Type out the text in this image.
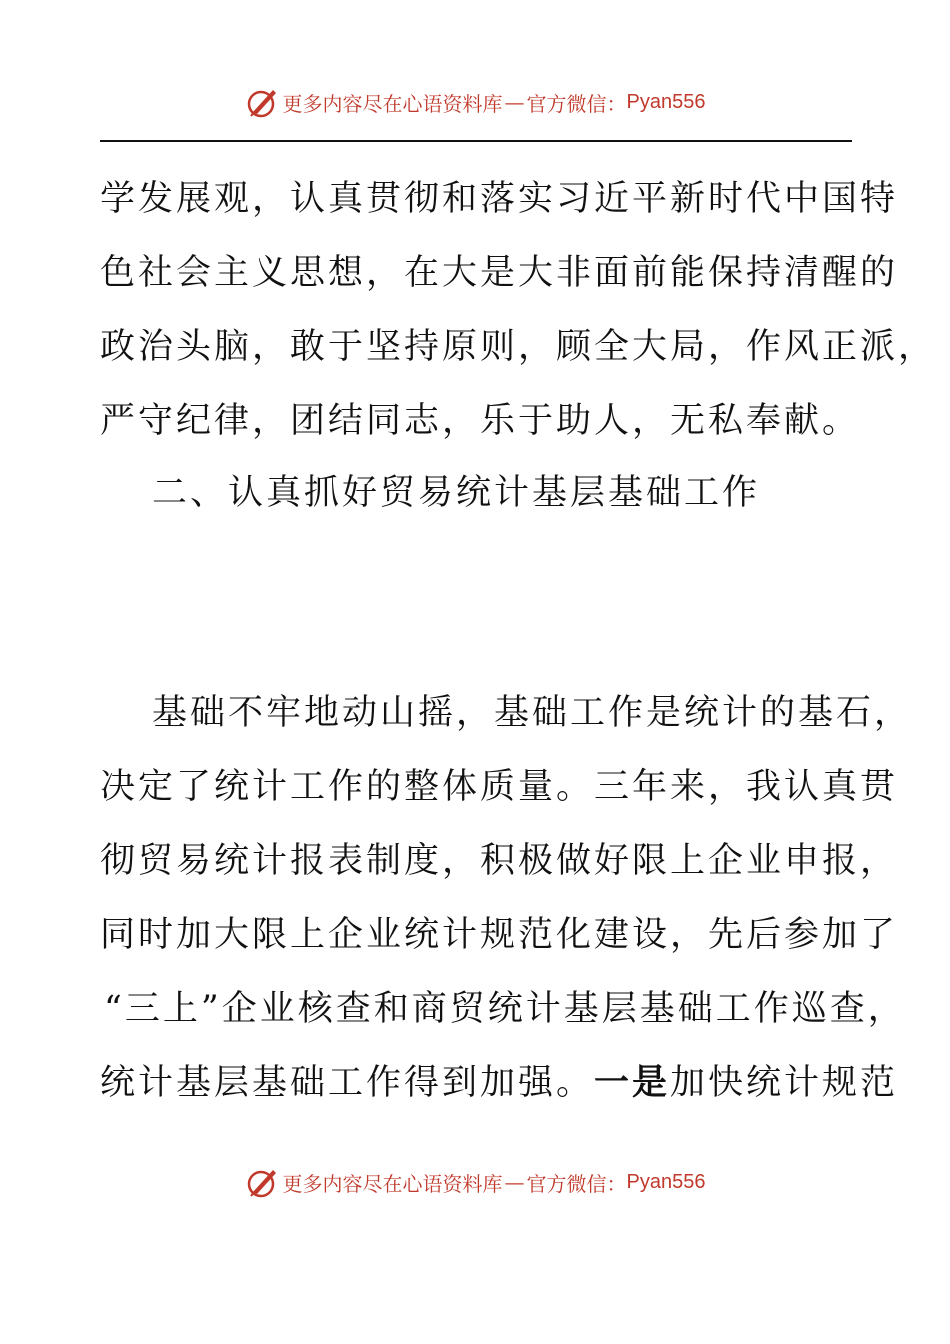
更多内容尽在心语资料库 — 官方微信： Pyan556
学发展观，认真贯彻和落实习近平新时代中国特
色社会主义思想，在大是大非面前能保持清醒的
政治头脑，敢于坚持原则，顾全大局，作风正派，
严守纪律，团结同志，乐于助人，无私奉献。
二、认真抓好贸易统计基层基础工作
基础不牢地动山摇，基础工作是统计的基石，
决定了统计工作的整体质量。三年来，我认真贯
彻贸易统计报表制度，积极做好限上企业申报，
同时加大限上企业统计规范化建设，先后参加了
“三上”企业核查和商贸统计基层基础工作巡查，
统计基层基础工作得到加强。一是加快统计规范
更多内容尽在心语资料库 — 官方微信： Pyan556
